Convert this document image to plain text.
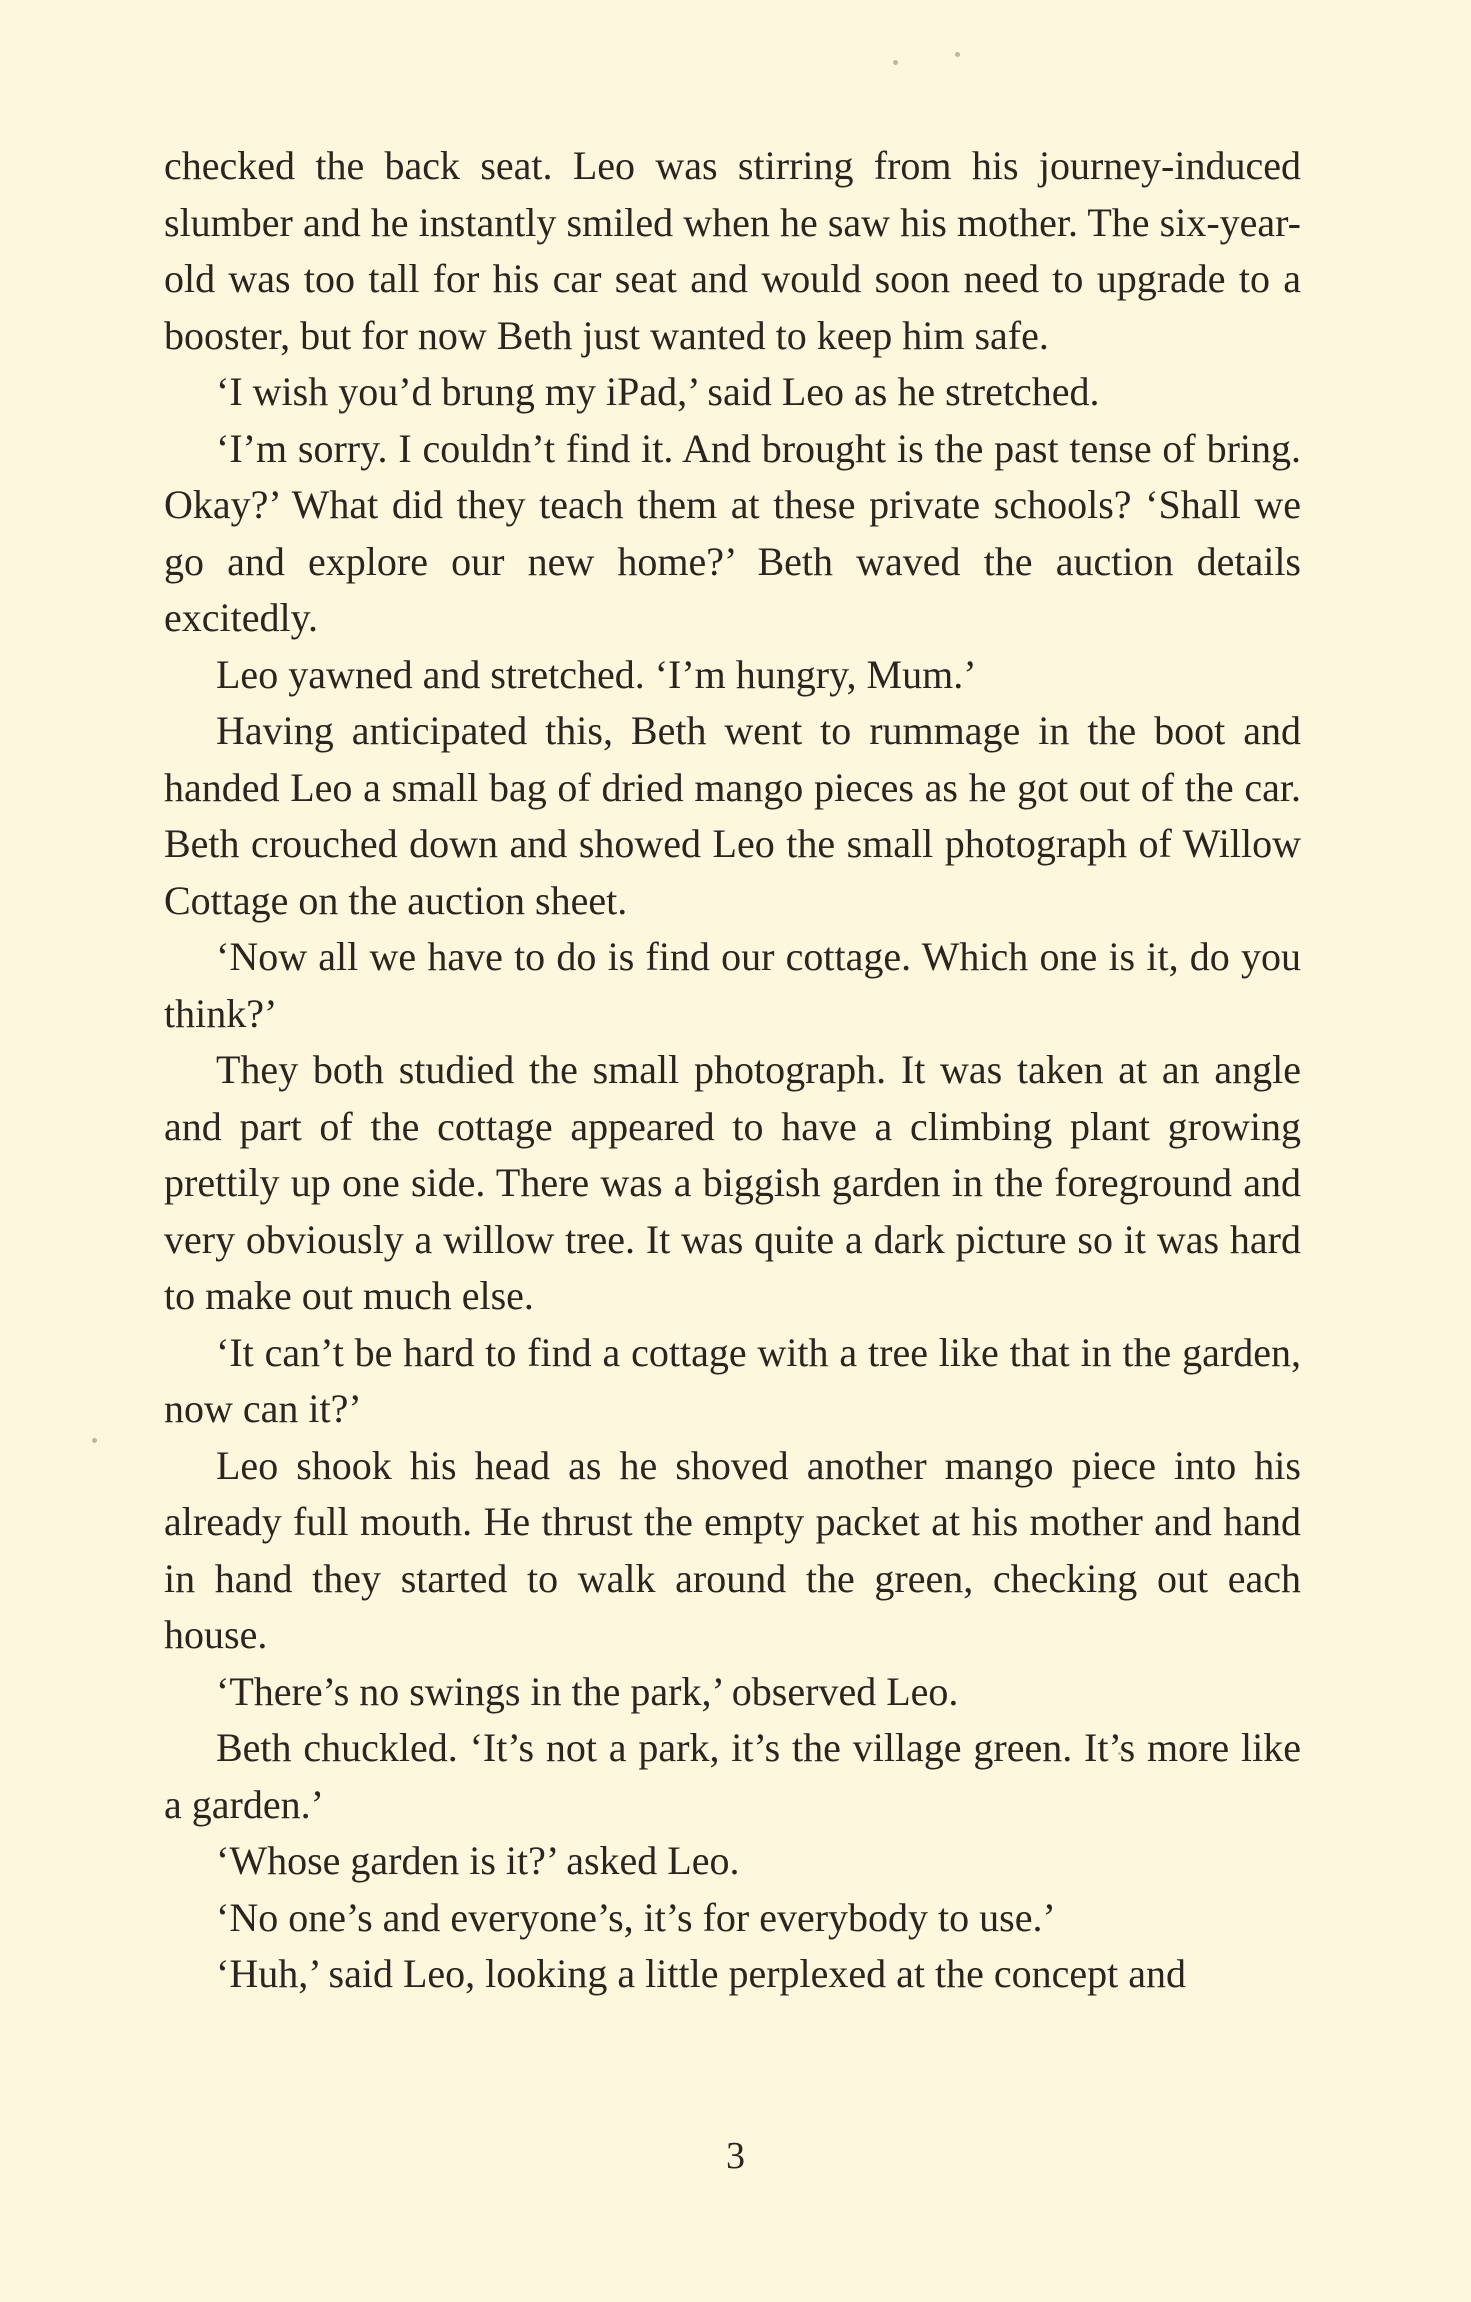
checked the back seat. Leo was stirring from his journey-induced slumber and he instantly smiled when he saw his mother. The six-year-old was too tall for his car seat and would soon need to upgrade to a booster, but for now Beth just wanted to keep him safe.

‘I wish you’d brung my iPad,’ said Leo as he stretched.

‘I’m sorry. I couldn’t find it. And brought is the past tense of bring. Okay?’ What did they teach them at these private schools? ‘Shall we go and explore our new home?’ Beth waved the auction details excitedly.

Leo yawned and stretched. ‘I’m hungry, Mum.’

Having anticipated this, Beth went to rummage in the boot and handed Leo a small bag of dried mango pieces as he got out of the car. Beth crouched down and showed Leo the small photograph of Willow Cottage on the auction sheet.

‘Now all we have to do is find our cottage. Which one is it, do you think?’

They both studied the small photograph. It was taken at an angle and part of the cottage appeared to have a climbing plant growing prettily up one side. There was a biggish garden in the foreground and very obviously a willow tree. It was quite a dark picture so it was hard to make out much else.

‘It can’t be hard to find a cottage with a tree like that in the garden, now can it?’

Leo shook his head as he shoved another mango piece into his already full mouth. He thrust the empty packet at his mother and hand in hand they started to walk around the green, checking out each house.

‘There’s no swings in the park,’ observed Leo.

Beth chuckled. ‘It’s not a park, it’s the village green. It’s more like a garden.’

‘Whose garden is it?’ asked Leo.

‘No one’s and everyone’s, it’s for everybody to use.’

‘Huh,’ said Leo, looking a little perplexed at the concept and

3
